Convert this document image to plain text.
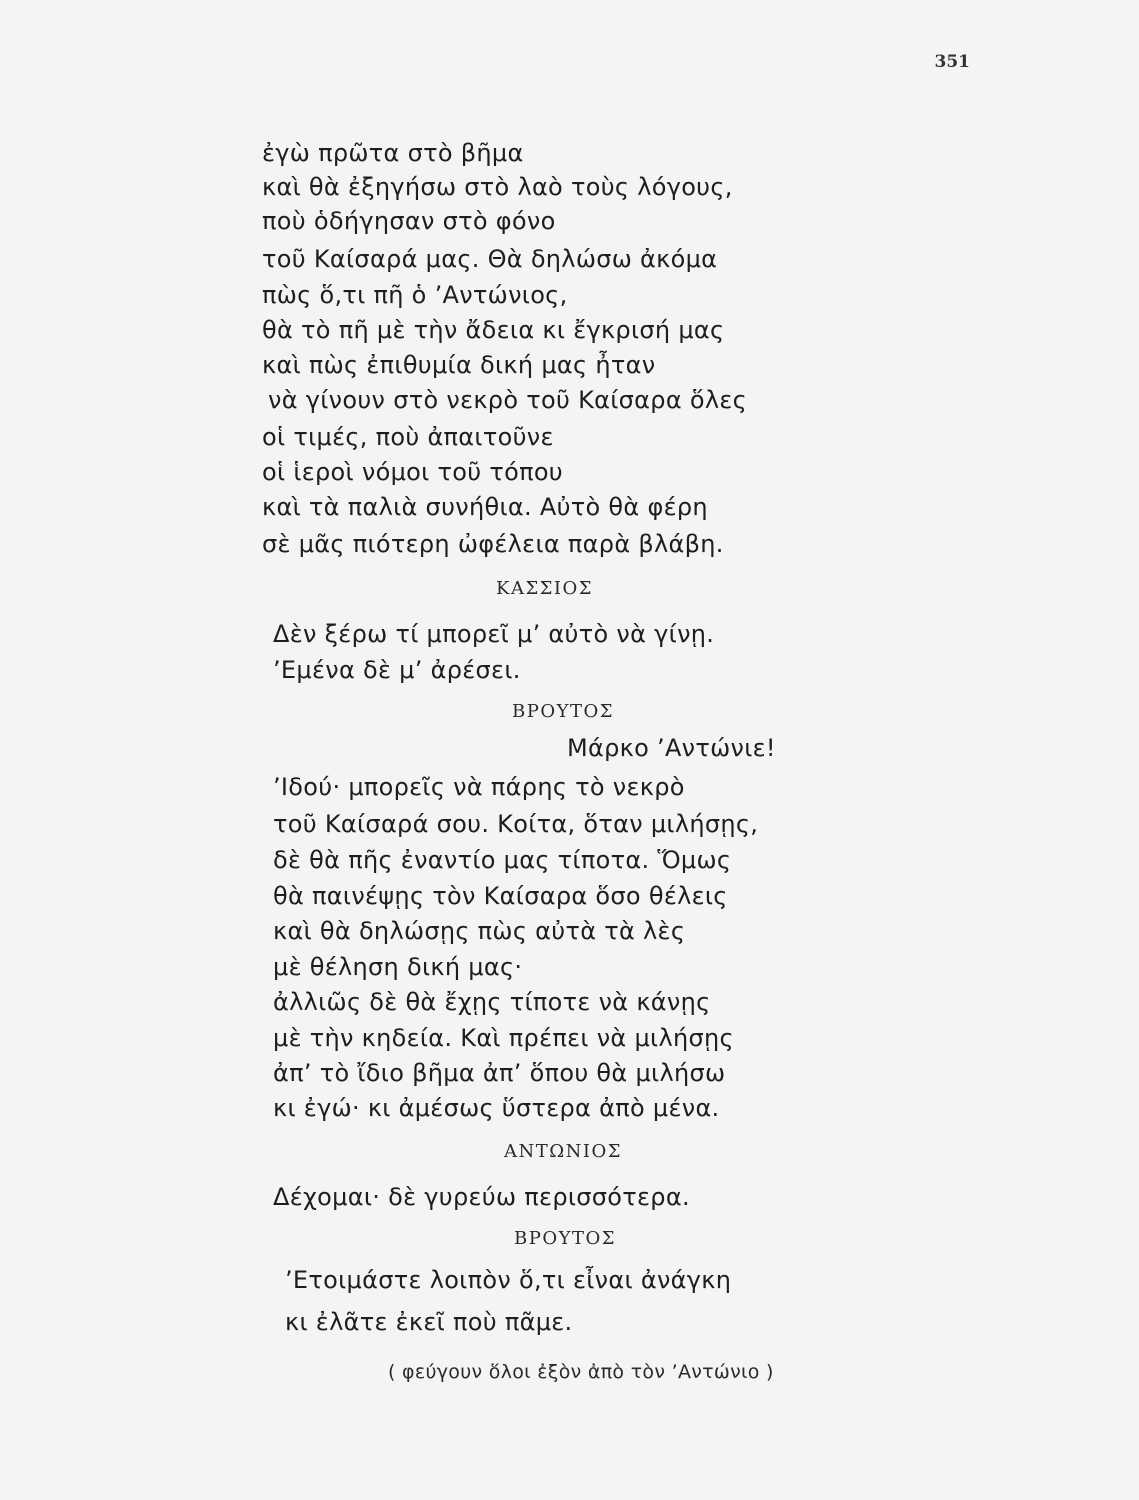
351
ἐγὼ πρῶτα στὸ βῆμα
καὶ θὰ ἐξηγήσω στὸ λαὸ τοὺς λόγους,
ποὺ ὁδήγησαν στὸ φόνο
τοῦ Καίσαρά μας. Θὰ δηλώσω ἀκόμα
πὼς ὅ,τι πῆ ὁ ’Αντώνιος,
θὰ τὸ πῆ μὲ τὴν ἄδεια κι ἔγκρισή μας
καὶ πὼς ἐπιθυμία δική μας ἦταν
νὰ γίνουν στὸ νεκρὸ τοῦ Καίσαρα ὅλες
οἱ τιμές, ποὺ ἀπαιτοῦνε
οἱ ἱεροὶ νόμοι τοῦ τόπου
καὶ τὰ παλιὰ συνήθια. Αὐτὸ θὰ φέρη
σὲ μᾶς πιότερη ὠφέλεια παρὰ βλάβη.
ΚΑΣΣΙΟΣ
Δὲν ξέρω τί μπορεῖ μ’ αὐτὸ νὰ γίνῃ.
’Εμένα δὲ μ’ ἀρέσει.
ΒΡΟΥΤΟΣ
Μάρκο ’Αντώνιε!
’Ιδού· μπορεῖς νὰ πάρης τὸ νεκρὸ
τοῦ Καίσαρά σου. Κοίτα, ὅταν μιλήσῃς,
δὲ θὰ πῆς ἐναντίο μας τίποτα. Ὅμως
θὰ παινέψῃς τὸν Καίσαρα ὅσο θέλεις
καὶ θὰ δηλώσῃς πὼς αὐτὰ τὰ λὲς
μὲ θέληση δική μας·
ἀλλιῶς δὲ θὰ ἔχῃς τίποτε νὰ κάνῃς
μὲ τὴν κηδεία. Καὶ πρέπει νὰ μιλήσῃς
ἀπ’ τὸ ἴδιο βῆμα ἀπ’ ὅπου θὰ μιλήσω
κι ἐγώ· κι ἀμέσως ὕστερα ἀπὸ μένα.
ΑΝΤΩΝΙΟΣ
Δέχομαι· δὲ γυρεύω περισσότερα.
ΒΡΟΥΤΟΣ
’Ετοιμάστε λοιπὸν ὅ,τι εἶναι ἀνάγκη
κι ἐλᾶτε ἐκεῖ ποὺ πᾶμε.
( φεύγουν ὅλοι ἐξὸν ἀπὸ τὸν ’Αντώνιο )
